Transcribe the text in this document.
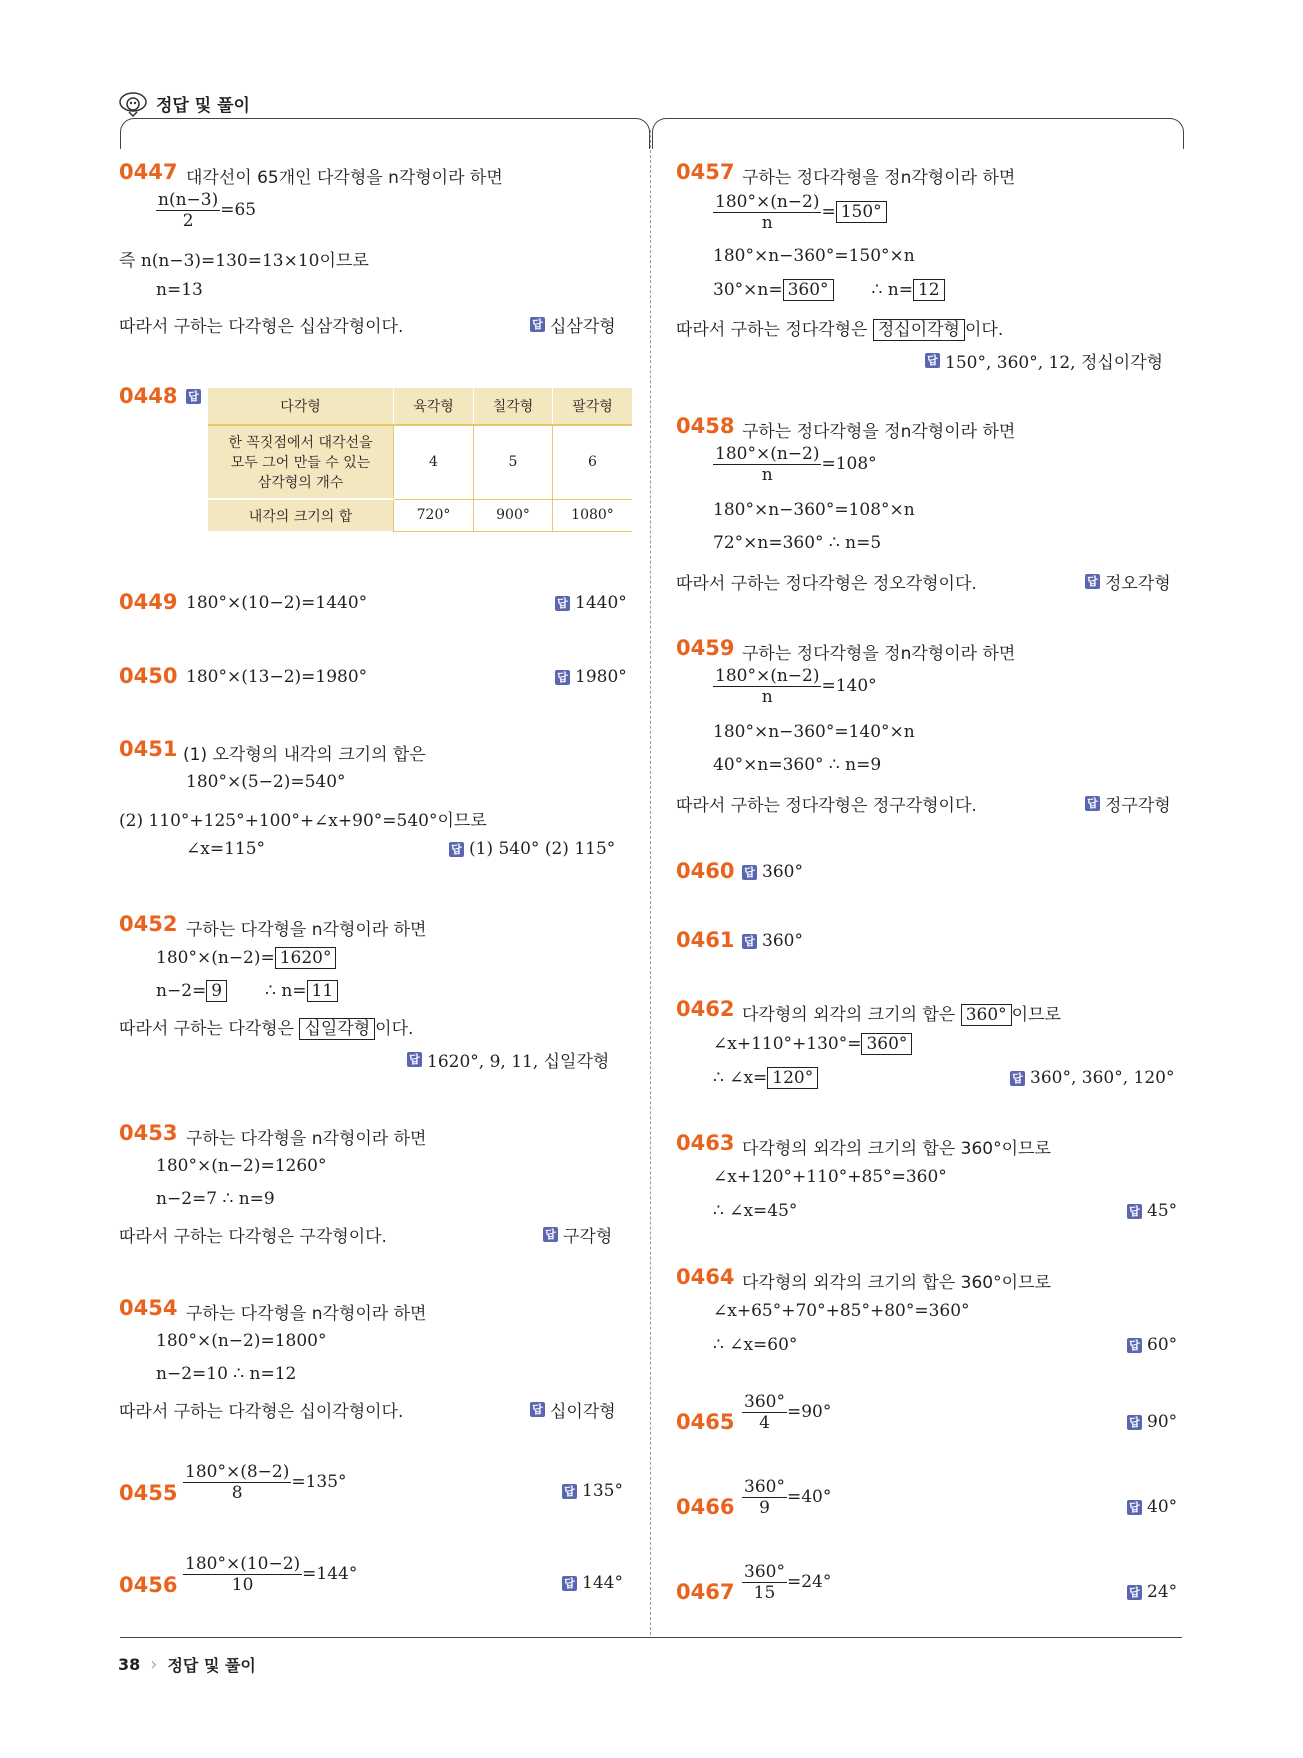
정답 및 풀이
0447 대각선이 65개인 다각형을 n각형이라 하면
$\frac{n(n-3)}{2} =65$
즉 n(n−3)=130=13×10이므로
n=13
따라서 구하는 다각형은 십삼각형이다.	답 십삼각형
0448 답
다각형	육각형	칠각형	팔각형

한 꼭짓점에서 대각선을
모두 그어 만들 수 있는
삼각형의 개수	4	5	6
내각의 크기의 합	720°	900°	1080°
0449 180°×(10−2)=1440°	답 1440°
0450 180°×(13−2)=1980°	답 1980°
0451 (1) 오각형의 내각의 크기의 합은
180°×(5−2)=540°
(2) 110°+125°+100°+∠x+90°=540°이므로
∠x=115°	답 (1) 540° (2) 115°
0452 구하는 다각형을 n각형이라 하면
180°×(n−2)= 1620°
n−2= 9	∴ n= 11
따라서 구하는 다각형은 십일각형 이다.
답 1620°, 9, 11, 십일각형
0453 구하는 다각형을 n각형이라 하면
180°×(n−2)=1260°
n−2=7 ∴ n=9
따라서 구하는 다각형은 구각형이다.	답 구각형
0454 구하는 다각형을 n각형이라 하면
180°×(n−2)=1800°
n−2=10 ∴ n=12
따라서 구하는 다각형은 십이각형이다.	답 십이각형
$0455 \frac{180^\circ\times(8-2)}{8} =135^\circ$	답 135°
$0456 \frac{180^\circ\times(10-2)}{10} =144^\circ$	답 144°
0457 구하는 정다각형을 정n각형이라 하면
$\frac{180^\circ\times(n-2)}{n} = 150^\circ$
180°×n−360°=150°×n
30°×n= 360°	∴ n= 12
따라서 구하는 정다각형은 정십이각형 이다.
답 150°, 360°, 12, 정십이각형
0458 구하는 정다각형을 정n각형이라 하면
$\frac{180^\circ\times(n-2)}{n} =108^\circ$
180°×n−360°=108°×n
72°×n=360° ∴ n=5
따라서 구하는 정다각형은 정오각형이다.	답 정오각형
0459 구하는 정다각형을 정n각형이라 하면
$\frac{180^\circ\times(n-2)}{n} =140^\circ$
180°×n−360°=140°×n
40°×n=360° ∴ n=9
따라서 구하는 정다각형은 정구각형이다.	답 정구각형
0460 답 360°
0461 답 360°
0462 다각형의 외각의 크기의 합은 360° 이므로
∠x+110°+130°= 360°
∴ ∠x= 120°	답 360°, 360°, 120°
0463 다각형의 외각의 크기의 합은 360°이므로
∠x+120°+110°+85°=360°
∴ ∠x=45°	답 45°
0464 다각형의 외각의 크기의 합은 360°이므로
∠x+65°+70°+85°+80°=360°
∴ ∠x=60°	답 60°
$0465 \frac{360^\circ}{4} =90^\circ$	답 90°
$0466 \frac{360^\circ}{9} =40^\circ$	답 40°
$0467 \frac{360^\circ}{15} =24^\circ$	답 24°
38 › 정답 및 풀이
